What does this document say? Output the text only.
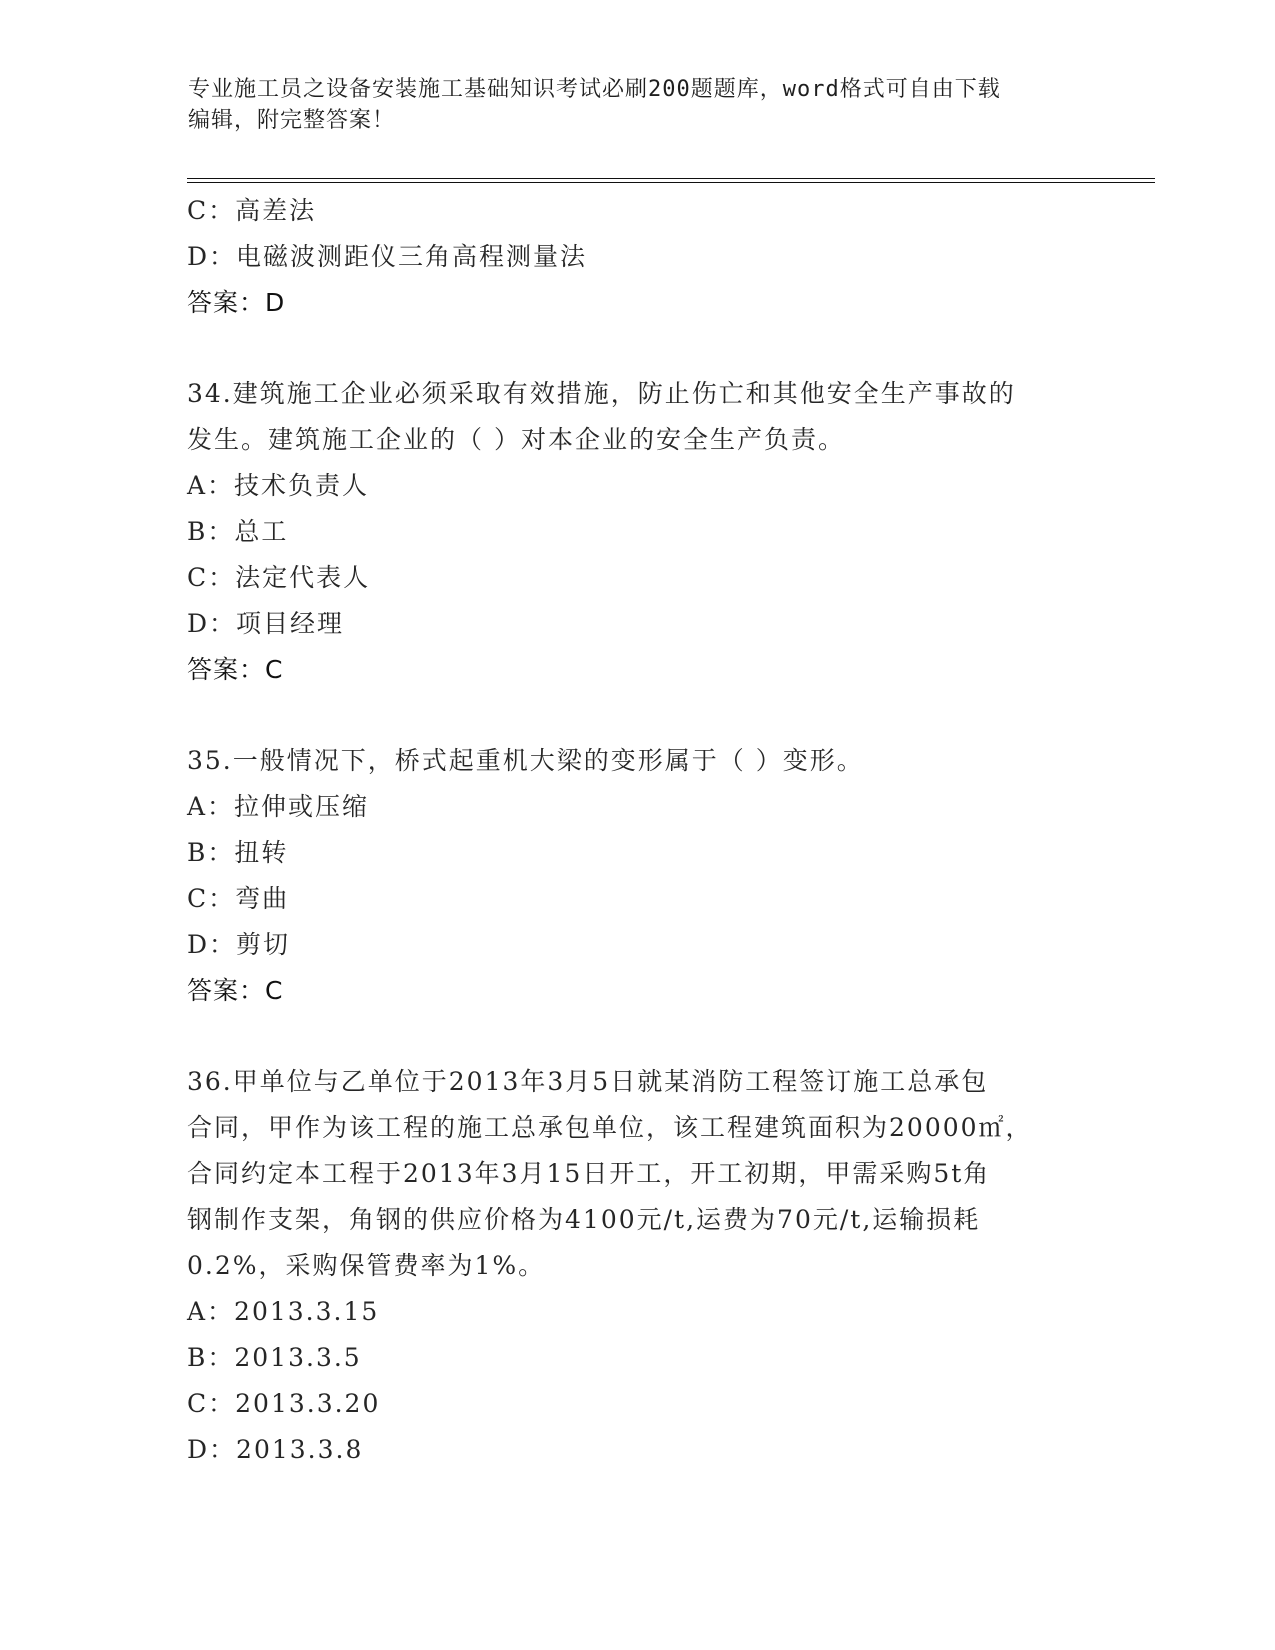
专业施工员之设备安装施工基础知识考试必刷200题题库，word格式可自由下载
编辑，附完整答案！
C：高差法
D：电磁波测距仪三角高程测量法
答案：D
34.建筑施工企业必须采取有效措施，防止伤亡和其他安全生产事故的
发生。建筑施工企业的（ ）对本企业的安全生产负责。
A：技术负责人
B：总工
C：法定代表人
D：项目经理
答案：C
35.一般情况下，桥式起重机大梁的变形属于（ ）变形。
A：拉伸或压缩
B：扭转
C：弯曲
D：剪切
答案：C
36.甲单位与乙单位于2013年3月5日就某消防工程签订施工总承包
合同，甲作为该工程的施工总承包单位，该工程建筑面积为20000㎡，
合同约定本工程于2013年3月15日开工，开工初期，甲需采购5t角
钢制作支架，角钢的供应价格为4100元/t,运费为70元/t,运输损耗
0.2%，采购保管费率为1%。
A：2013.3.15
B：2013.3.5
C：2013.3.20
D：2013.3.8
